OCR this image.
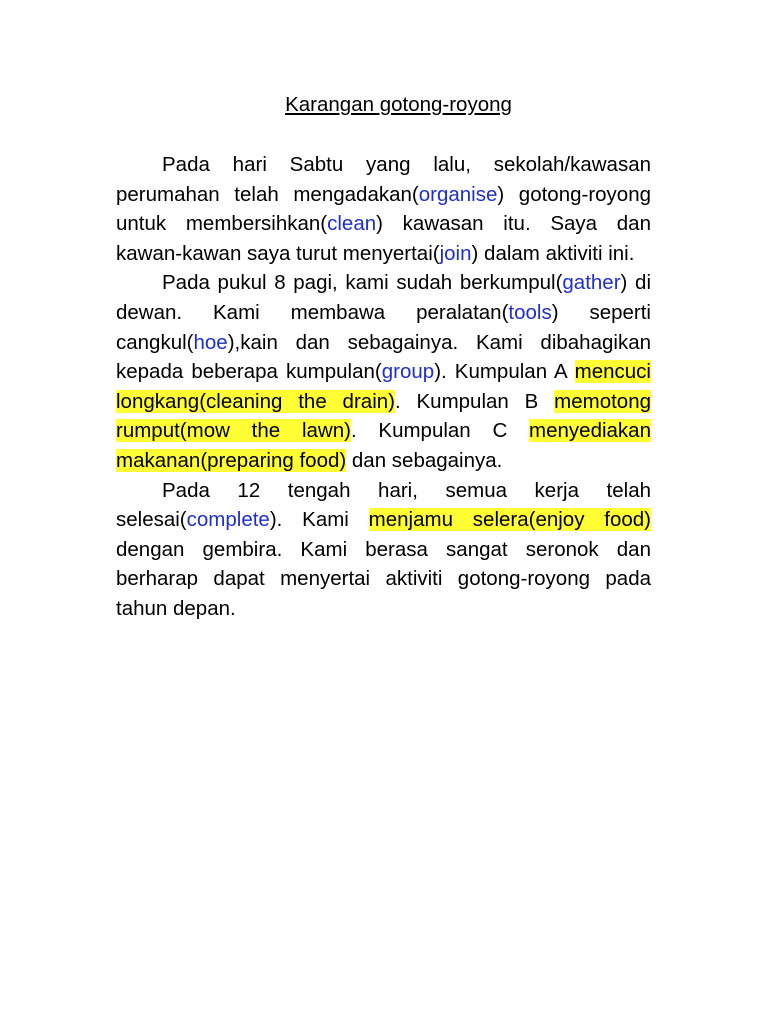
Karangan gotong-royong

Pada hari Sabtu yang lalu, sekolah/kawasan perumahan telah mengadakan(organise) gotong-royong untuk membersihkan(clean) kawasan itu. Saya dan kawan-kawan saya turut menyertai(join) dalam aktiviti ini.

Pada pukul 8 pagi, kami sudah berkumpul(gather) di dewan. Kami membawa peralatan(tools) seperti cangkul(hoe),kain dan sebagainya. Kami dibahagikan kepada beberapa kumpulan(group). Kumpulan A mencuci longkang(cleaning the drain). Kumpulan B memotong rumput(mow the lawn). Kumpulan C menyediakan makanan(preparing food) dan sebagainya.

Pada 12 tengah hari, semua kerja telah selesai(complete). Kami menjamu selera(enjoy food) dengan gembira. Kami berasa sangat seronok dan berharap dapat menyertai aktiviti gotong-royong pada tahun depan.
